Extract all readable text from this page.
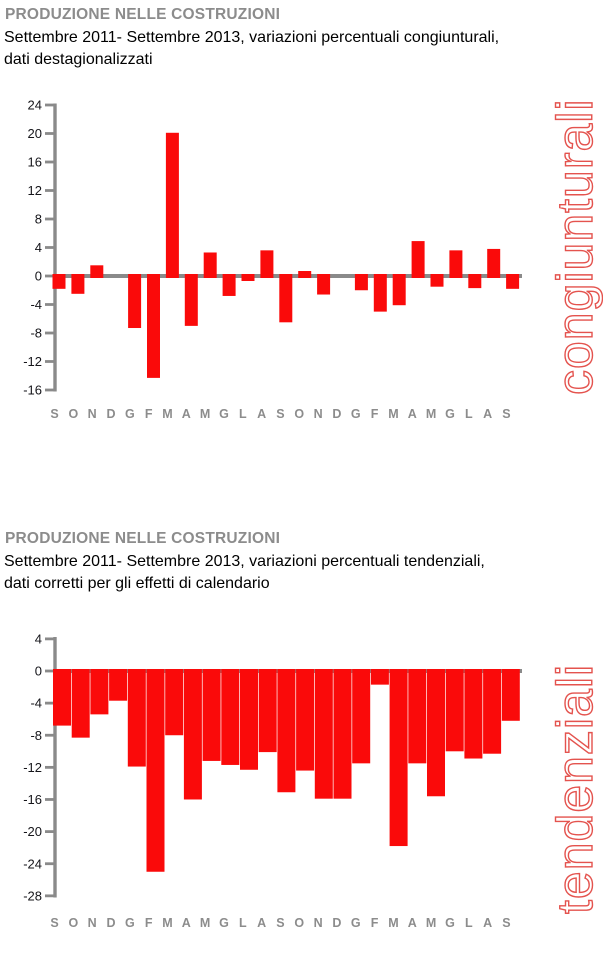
PRODUZIONE NELLE COSTRUZIONI
Settembre 2011- Settembre 2013, variazioni percentuali congiunturali,
dati destagionalizzati
24
20
16
12
8
4
0
-4
-8
-12
-16
S O N D G F M A M G L A S O N D G F M A M G L A S
congiunturali
PRODUZIONE NELLE COSTRUZIONI
Settembre 2011- Settembre 2013, variazioni percentuali tendenziali,
dati corretti per gli effetti di calendario
4
0
-4
-8
-12
-16
-20
-24
-28
S O N D G F M A M G L A S O N D G F M A M G L A S
tendenziali
